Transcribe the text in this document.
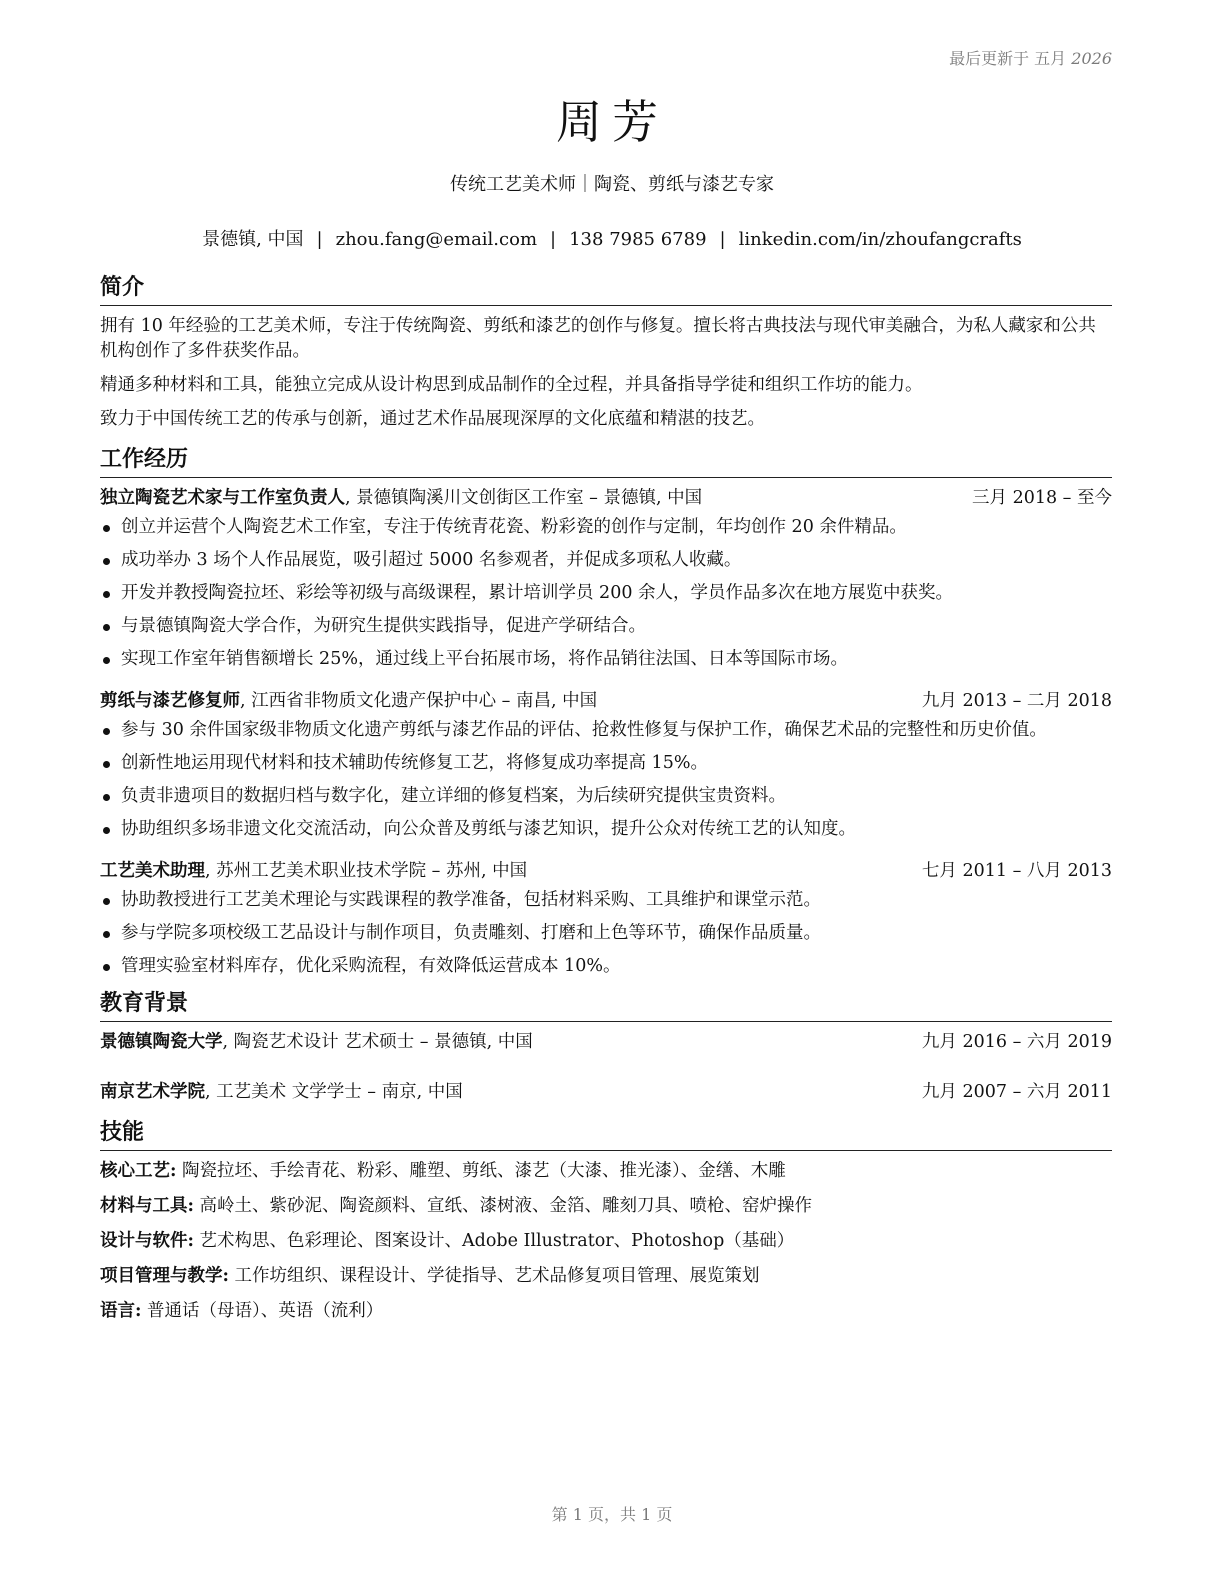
最后更新于 五月 2026
周芳
传统工艺美术师｜陶瓷、剪纸与漆艺专家
景德镇, 中国 | zhou.fang@email.com | 138 7985 6789 | linkedin.com/in/zhoufangcrafts
简介

拥有 10 年经验的工艺美术师，专注于传统陶瓷、剪纸和漆艺的创作与修复。擅长将古典技法与现代审美融合，为私人藏家和公共机构创作了多件获奖作品。

精通多种材料和工具，能独立完成从设计构思到成品制作的全过程，并具备指导学徒和组织工作坊的能力。

致力于中国传统工艺的传承与创新，通过艺术作品展现深厚的文化底蕴和精湛的技艺。

工作经历
独立陶瓷艺术家与工作室负责人, 景德镇陶溪川文创街区工作室 – 景德镇, 中国	三月 2018 – 至今
创立并运营个人陶瓷艺术工作室，专注于传统青花瓷、粉彩瓷的创作与定制，年均创作 20 余件精品。
成功举办 3 场个人作品展览，吸引超过 5000 名参观者，并促成多项私人收藏。
开发并教授陶瓷拉坯、彩绘等初级与高级课程，累计培训学员 200 余人，学员作品多次在地方展览中获奖。
与景德镇陶瓷大学合作，为研究生提供实践指导，促进产学研结合。
实现工作室年销售额增长 25%，通过线上平台拓展市场，将作品销往法国、日本等国际市场。
剪纸与漆艺修复师, 江西省非物质文化遗产保护中心 – 南昌, 中国	九月 2013 – 二月 2018
参与 30 余件国家级非物质文化遗产剪纸与漆艺作品的评估、抢救性修复与保护工作，确保艺术品的完整性和历史价值。
创新性地运用现代材料和技术辅助传统修复工艺，将修复成功率提高 15%。
负责非遗项目的数据归档与数字化，建立详细的修复档案，为后续研究提供宝贵资料。
协助组织多场非遗文化交流活动，向公众普及剪纸与漆艺知识，提升公众对传统工艺的认知度。
工艺美术助理, 苏州工艺美术职业技术学院 – 苏州, 中国	七月 2011 – 八月 2013
协助教授进行工艺美术理论与实践课程的教学准备，包括材料采购、工具维护和课堂示范。
参与学院多项校级工艺品设计与制作项目，负责雕刻、打磨和上色等环节，确保作品质量。
管理实验室材料库存，优化采购流程，有效降低运营成本 10%。
教育背景
景德镇陶瓷大学, 陶瓷艺术设计 艺术硕士 – 景德镇, 中国	九月 2016 – 六月 2019
南京艺术学院, 工艺美术 文学学士 – 南京, 中国	九月 2007 – 六月 2011
技能
核心工艺: 陶瓷拉坯、手绘青花、粉彩、雕塑、剪纸、漆艺（大漆、推光漆）、金缮、木雕
材料与工具: 高岭土、紫砂泥、陶瓷颜料、宣纸、漆树液、金箔、雕刻刀具、喷枪、窑炉操作
设计与软件: 艺术构思、色彩理论、图案设计、Adobe Illustrator、Photoshop（基础）
项目管理与教学: 工作坊组织、课程设计、学徒指导、艺术品修复项目管理、展览策划
语言: 普通话（母语）、英语（流利）
第 1 页，共 1 页
